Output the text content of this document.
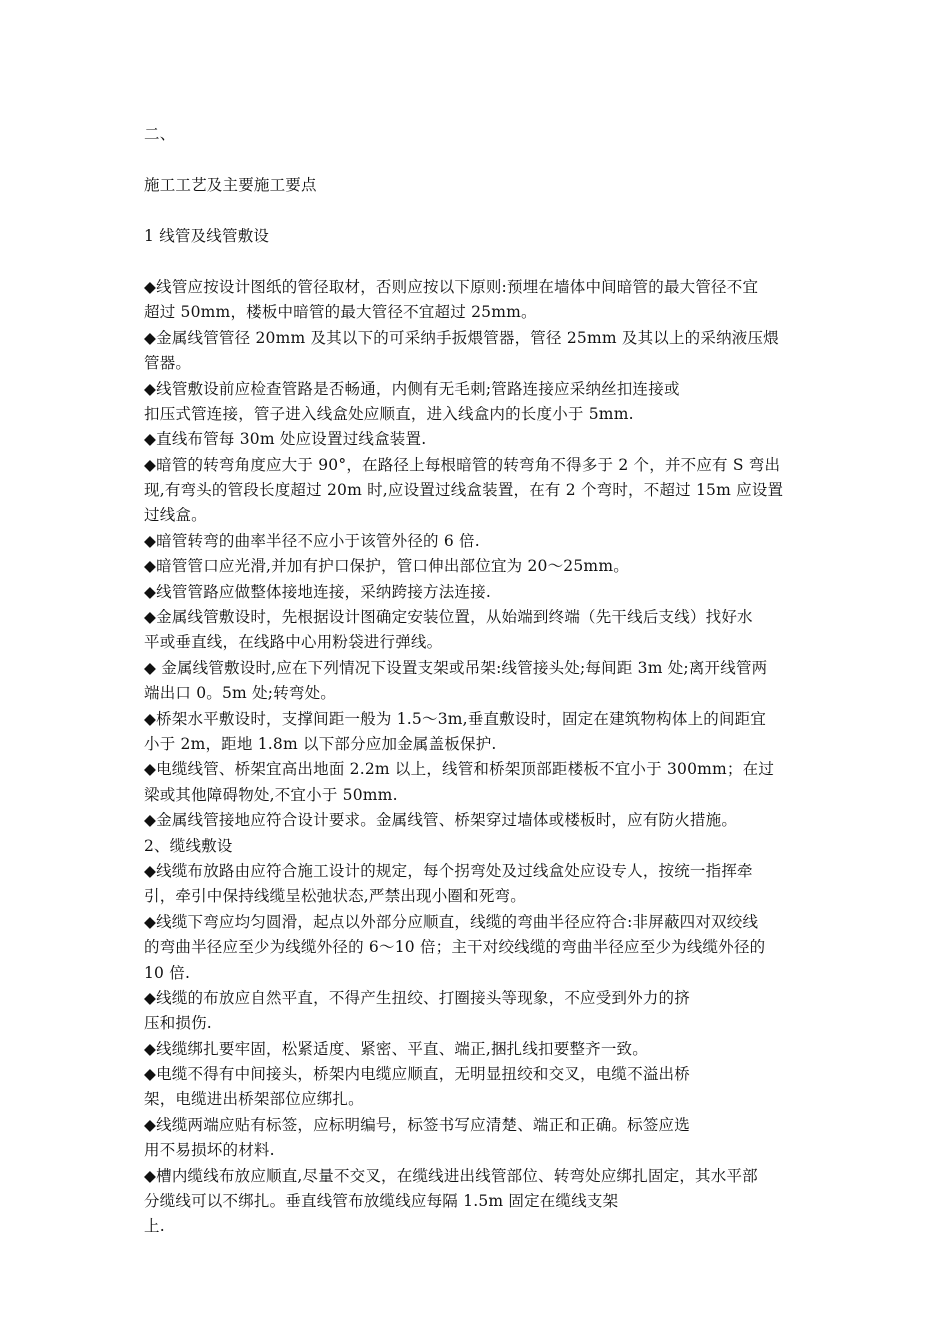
二、
施工工艺及主要施工要点
1 线管及线管敷设
◆线管应按设计图纸的管径取材，否则应按以下原则:预埋在墙体中间暗管的最大管径不宜
超过 50mm，楼板中暗管的最大管径不宜超过 25mm。
◆金属线管管径 20mm 及其以下的可采纳手扳煨管器，管径 25mm 及其以上的采纳液压煨
管器。
◆线管敷设前应检查管路是否畅通，内侧有无毛刺;管路连接应采纳丝扣连接或
扣压式管连接，管子进入线盒处应顺直，进入线盒内的长度小于 5mm.
◆直线布管每 30m 处应设置过线盒装置.
◆暗管的转弯角度应大于 90°，在路径上每根暗管的转弯角不得多于 2 个，并不应有 S 弯出
现,有弯头的管段长度超过 20m 时,应设置过线盒装置，在有 2 个弯时，不超过 15m 应设置
过线盒。
◆暗管转弯的曲率半径不应小于该管外径的 6 倍.
◆暗管管口应光滑,并加有护口保护，管口伸出部位宜为 20～25mm。
◆线管管路应做整体接地连接，采纳跨接方法连接.
◆金属线管敷设时，先根据设计图确定安装位置，从始端到终端（先干线后支线）找好水
平或垂直线，在线路中心用粉袋进行弹线。
◆ 金属线管敷设时,应在下列情况下设置支架或吊架:线管接头处;每间距 3m 处;离开线管两
端出口 0。5m 处;转弯处。
◆桥架水平敷设时，支撑间距一般为 1.5～3m,垂直敷设时，固定在建筑物构体上的间距宜
小于 2m，距地 1.8m 以下部分应加金属盖板保护.
◆电缆线管、桥架宜高出地面 2.2m 以上，线管和桥架顶部距楼板不宜小于 300mm；在过
梁或其他障碍物处,不宜小于 50mm.
◆金属线管接地应符合设计要求。金属线管、桥架穿过墙体或楼板时，应有防火措施。
2、缆线敷设
◆线缆布放路由应符合施工设计的规定，每个拐弯处及过线盒处应设专人，按统一指挥牵
引，牵引中保持线缆呈松弛状态,严禁出现小圈和死弯。
◆线缆下弯应均匀圆滑，起点以外部分应顺直，线缆的弯曲半径应符合:非屏蔽四对双绞线
的弯曲半径应至少为线缆外径的 6～10 倍；主干对绞线缆的弯曲半径应至少为线缆外径的
10 倍.
◆线缆的布放应自然平直，不得产生扭绞、打圈接头等现象，不应受到外力的挤
压和损伤.
◆线缆绑扎要牢固，松紧适度、紧密、平直、端正,捆扎线扣要整齐一致。
◆电缆不得有中间接头，桥架内电缆应顺直，无明显扭绞和交叉，电缆不溢出桥
架，电缆进出桥架部位应绑扎。
◆线缆两端应贴有标签，应标明编号，标签书写应清楚、端正和正确。标签应选
用不易损坏的材料.
◆槽内缆线布放应顺直,尽量不交叉，在缆线进出线管部位、转弯处应绑扎固定，其水平部
分缆线可以不绑扎。垂直线管布放缆线应每隔 1.5m 固定在缆线支架
上.
